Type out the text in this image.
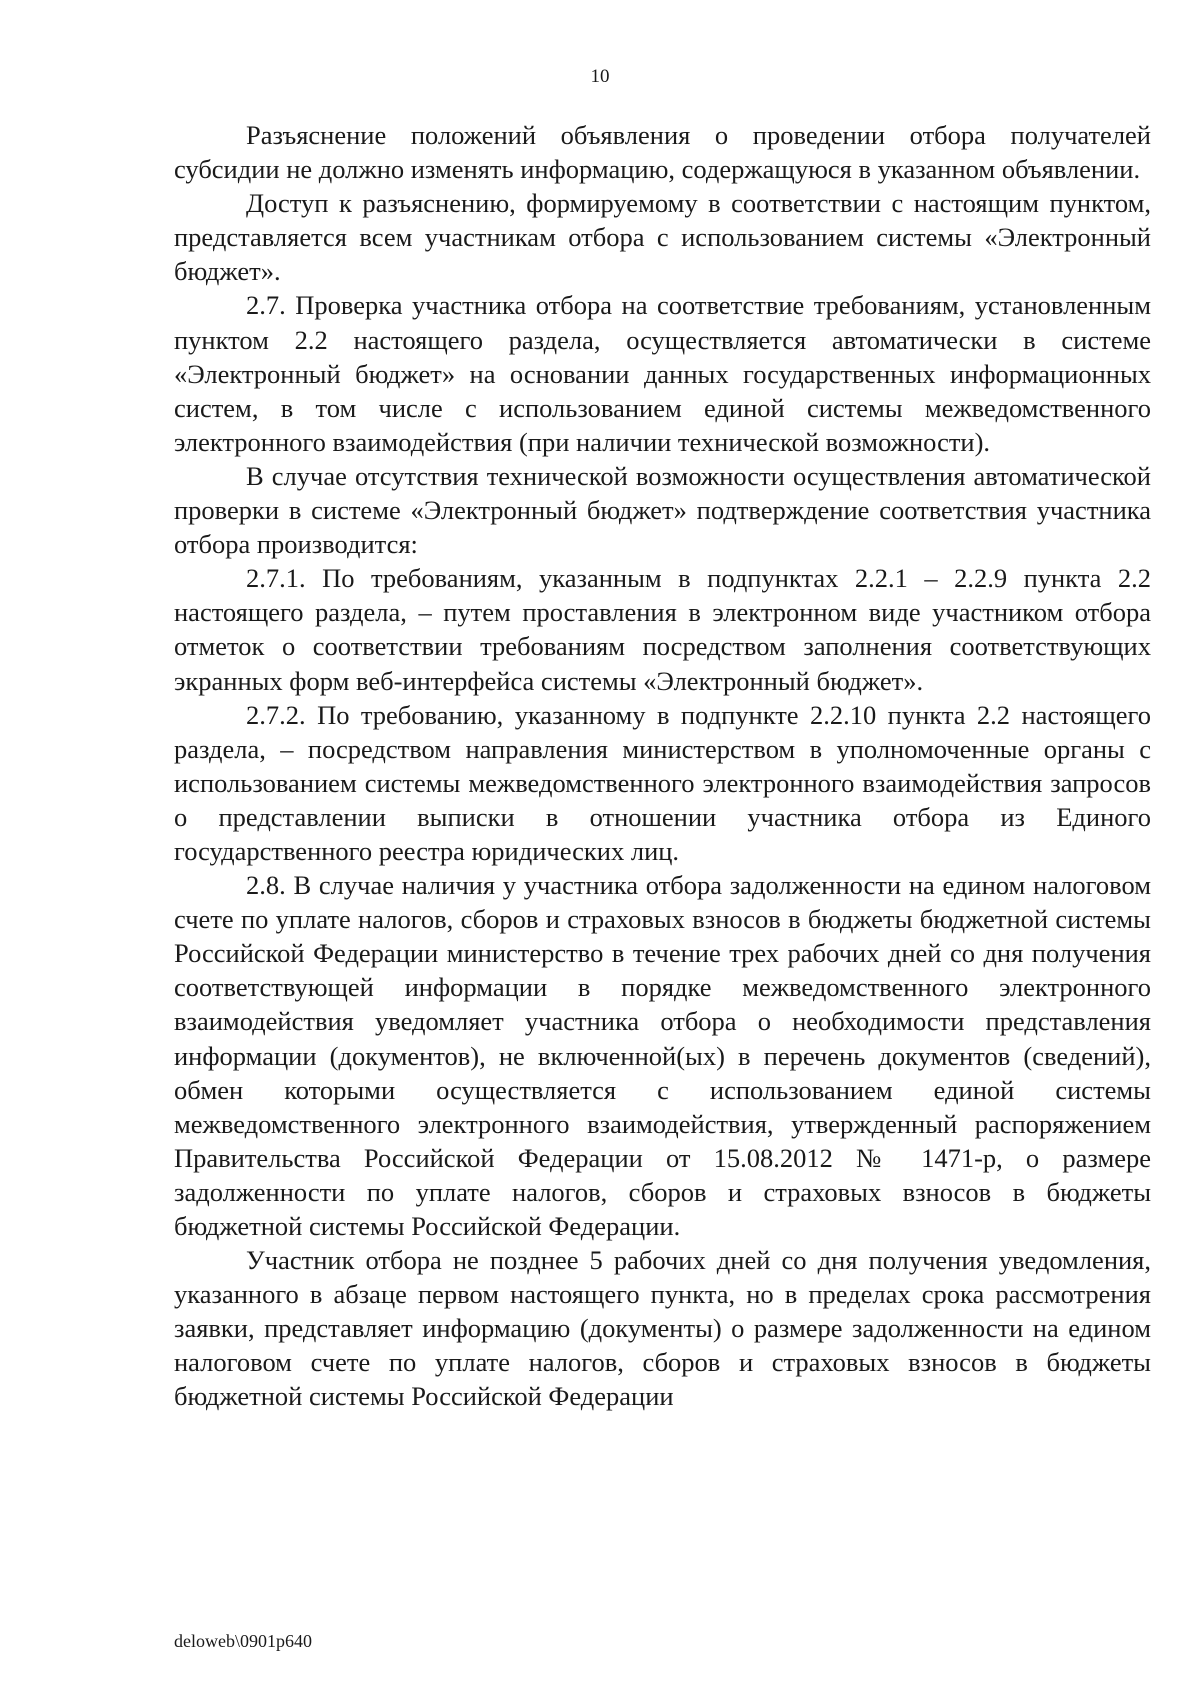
10

Разъяснение положений объявления о проведении отбора получателей субсидии не должно изменять информацию, содержащуюся в указанном объявлении.

Доступ к разъяснению, формируемому в соответствии с настоящим пунктом, представляется всем участникам отбора с использованием системы «Электронный бюджет».

2.7. Проверка участника отбора на соответствие требованиям, установленным пунктом 2.2 настоящего раздела, осуществляется автоматически в системе «Электронный бюджет» на основании данных государственных информационных систем, в том числе с использованием единой системы межведомственного электронного взаимодействия (при наличии технической возможности).

В случае отсутствия технической возможности осуществления автоматической проверки в системе «Электронный бюджет» подтверждение соответствия участника отбора производится:

2.7.1. По требованиям, указанным в подпунктах 2.2.1 – 2.2.9 пункта 2.2 настоящего раздела, – путем проставления в электронном виде участником отбора отметок о соответствии требованиям посредством заполнения соответствующих экранных форм веб-интерфейса системы «Электронный бюджет».

2.7.2. По требованию, указанному в подпункте 2.2.10 пункта 2.2 настоящего раздела, – посредством направления министерством в уполномоченные органы с использованием системы межведомственного электронного взаимодействия запросов о представлении выписки в отношении участника отбора из Единого государственного реестра юридических лиц.

2.8. В случае наличия у участника отбора задолженности на едином налоговом счете по уплате налогов, сборов и страховых взносов в бюджеты бюджетной системы Российской Федерации министерство в течение трех рабочих дней со дня получения соответствующей информации в порядке межведомственного электронного взаимодействия уведомляет участника отбора о необходимости представления информации (документов), не включенной(ых) в перечень документов (сведений), обмен которыми осуществляется с использованием единой системы межведомственного электронного взаимодействия, утвержденный распоряжением Правительства Российской Федерации от 15.08.2012 № 1471-р, о размере задолженности по уплате налогов, сборов и страховых взносов в бюджеты бюджетной системы Российской Федерации.

Участник отбора не позднее 5 рабочих дней со дня получения уведомления, указанного в абзаце первом настоящего пункта, но в пределах срока рассмотрения заявки, представляет информацию (документы) о размере задолженности на едином налоговом счете по уплате налогов, сборов и страховых взносов в бюджеты бюджетной системы Российской Федерации

deloweb\0901p640
